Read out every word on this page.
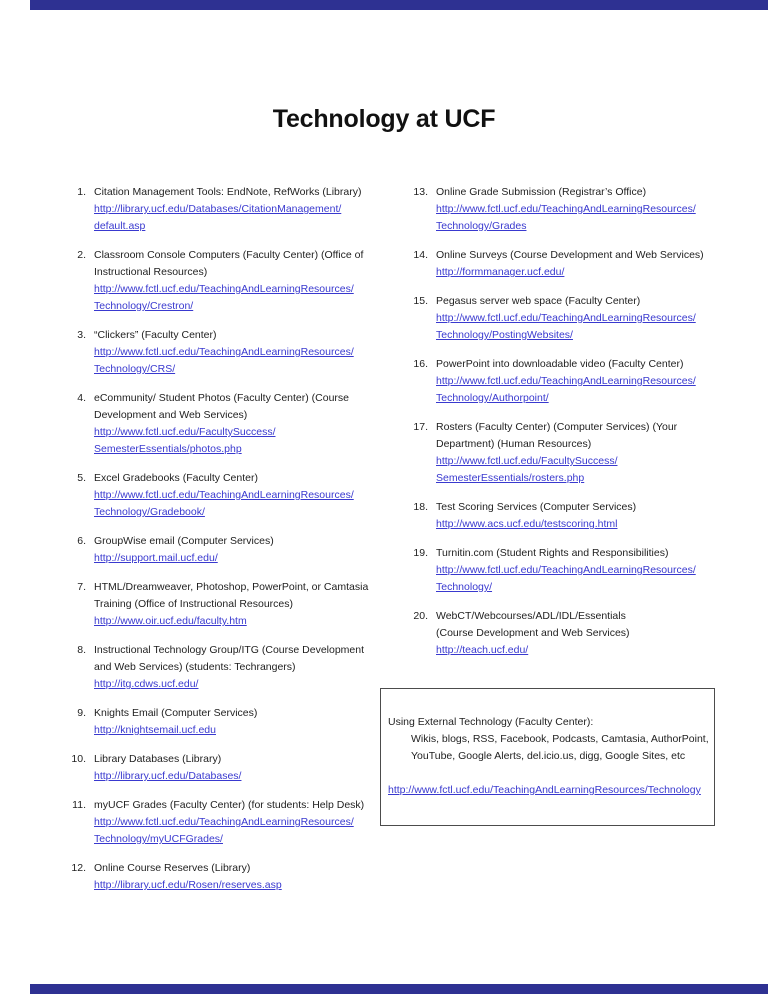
Technology at UCF
1. Citation Management Tools: EndNote, RefWorks (Library)
http://library.ucf.edu/Databases/CitationManagement/
default.asp
2. Classroom Console Computers (Faculty Center) (Office of
Instructional Resources)
http://www.fctl.ucf.edu/TeachingAndLearningResources/
Technology/Crestron/
3. “Clickers” (Faculty Center)
http://www.fctl.ucf.edu/TeachingAndLearningResources/
Technology/CRS/
4. eCommunity/ Student Photos (Faculty Center) (Course
Development and Web Services)
http://www.fctl.ucf.edu/FacultySuccess/
SemesterEssentials/photos.php
5. Excel Gradebooks (Faculty Center)
http://www.fctl.ucf.edu/TeachingAndLearningResources/
Technology/Gradebook/
6. GroupWise email (Computer Services)
http://support.mail.ucf.edu/
7. HTML/Dreamweaver, Photoshop, PowerPoint, or Camtasia
Training (Office of Instructional Resources)
http://www.oir.ucf.edu/faculty.htm
8. Instructional Technology Group/ITG (Course Development
and Web Services) (students: Techrangers)
http://itg.cdws.ucf.edu/
9. Knights Email (Computer Services)
http://knightsemail.ucf.edu
10. Library Databases (Library)
http://library.ucf.edu/Databases/
11. myUCF Grades (Faculty Center) (for students: Help Desk)
http://www.fctl.ucf.edu/TeachingAndLearningResources/
Technology/myUCFGrades/
12. Online Course Reserves (Library)
http://library.ucf.edu/Rosen/reserves.asp
13. Online Grade Submission (Registrar’s Office)
http://www.fctl.ucf.edu/TeachingAndLearningResources/
Technology/Grades
14. Online Surveys (Course Development and Web Services)
http://formmanager.ucf.edu/
15. Pegasus server web space (Faculty Center)
http://www.fctl.ucf.edu/TeachingAndLearningResources/
Technology/PostingWebsites/
16. PowerPoint into downloadable video (Faculty Center)
http://www.fctl.ucf.edu/TeachingAndLearningResources/
Technology/Authorpoint/
17. Rosters (Faculty Center) (Computer Services) (Your
Department) (Human Resources)
http://www.fctl.ucf.edu/FacultySuccess/
SemesterEssentials/rosters.php
18. Test Scoring Services (Computer Services)
http://www.acs.ucf.edu/testscoring.html
19. Turnitin.com (Student Rights and Responsibilities)
http://www.fctl.ucf.edu/TeachingAndLearningResources/
Technology/
20. WebCT/Webcourses/ADL/IDL/Essentials
(Course Development and Web Services)
http://teach.ucf.edu/
Using External Technology (Faculty Center):
Wikis, blogs, RSS, Facebook, Podcasts, Camtasia, AuthorPoint,
YouTube, Google Alerts, del.icio.us, digg, Google Sites, etc
http://www.fctl.ucf.edu/TeachingAndLearningResources/Technology
